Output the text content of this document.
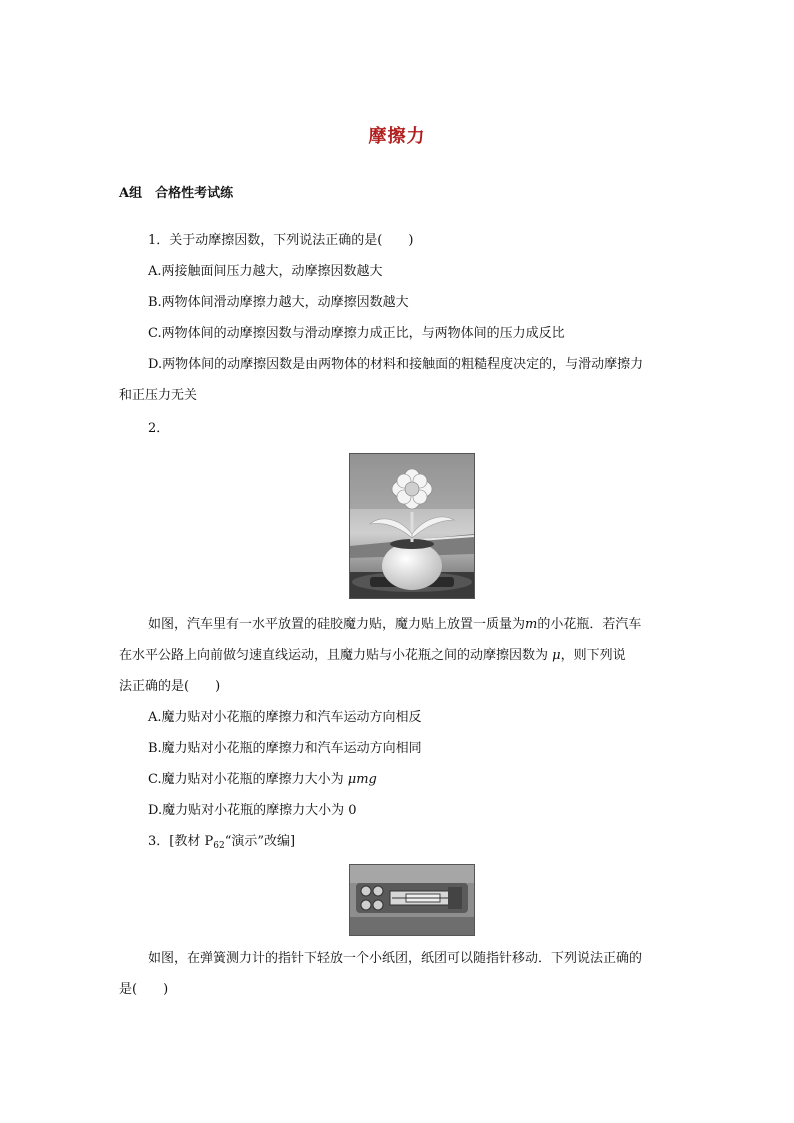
摩擦力
A组　合格性考试练
1．关于动摩擦因数，下列说法正确的是(　　)
A.两接触面间压力越大，动摩擦因数越大
B.两物体间滑动摩擦力越大，动摩擦因数越大
C.两物体间的动摩擦因数与滑动摩擦力成正比，与两物体间的压力成反比
D.两物体间的动摩擦因数是由两物体的材料和接触面的粗糙程度决定的，与滑动摩擦力
和正压力无关
2．
如图，汽车里有一水平放置的硅胶魔力贴，魔力贴上放置一质量为m的小花瓶．若汽车
在水平公路上向前做匀速直线运动，且魔力贴与小花瓶之间的动摩擦因数为 μ，则下列说
法正确的是(　　)
A.魔力贴对小花瓶的摩擦力和汽车运动方向相反
B.魔力贴对小花瓶的摩擦力和汽车运动方向相同
C.魔力贴对小花瓶的摩擦力大小为 μmg
D.魔力贴对小花瓶的摩擦力大小为 0
3．[教材 $P_{62}“$演示”改编]
如图，在弹簧测力计的指针下轻放一个小纸团，纸团可以随指针移动．下列说法正确的
是(　　)
